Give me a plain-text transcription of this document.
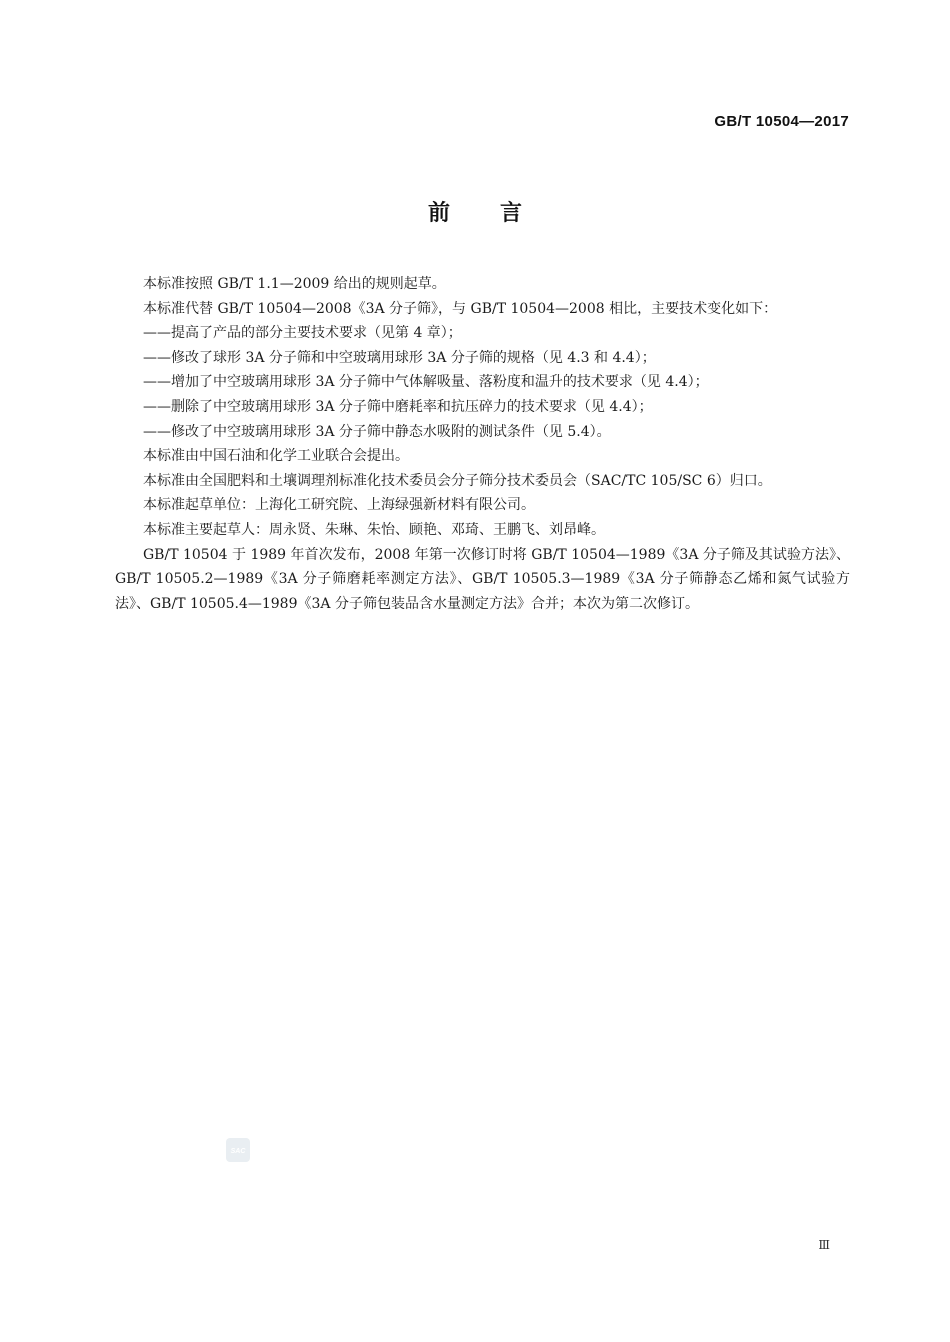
GB/T 10504—2017
前言

本标准按照 GB/T 1.1—2009 给出的规则起草。

本标准代替 GB/T 10504—2008《3A 分子筛》，与 GB/T 10504—2008 相比，主要技术变化如下：

——提高了产品的部分主要技术要求（见第 4 章）；

——修改了球形 3A 分子筛和中空玻璃用球形 3A 分子筛的规格（见 4.3 和 4.4）；

——增加了中空玻璃用球形 3A 分子筛中气体解吸量、落粉度和温升的技术要求（见 4.4）；

——删除了中空玻璃用球形 3A 分子筛中磨耗率和抗压碎力的技术要求（见 4.4）；

——修改了中空玻璃用球形 3A 分子筛中静态水吸附的测试条件（见 5.4）。

本标准由中国石油和化学工业联合会提出。

本标准由全国肥料和土壤调理剂标准化技术委员会分子筛分技术委员会（SAC/TC 105/SC 6）归口。

本标准起草单位：上海化工研究院、上海绿强新材料有限公司。

本标准主要起草人：周永贤、朱琳、朱怡、顾艳、邓琦、王鹏飞、刘昂峰。

GB/T 10504 于 1989 年首次发布，2008 年第一次修订时将 GB/T 10504—1989《3A 分子筛及其试验方法》、GB/T 10505.2—1989《3A 分子筛磨耗率测定方法》、GB/T 10505.3—1989《3A 分子筛静态乙烯和氮气试验方法》、GB/T 10505.4—1989《3A 分子筛包装品含水量测定方法》合并；本次为第二次修订。

SAC
Ⅲ
